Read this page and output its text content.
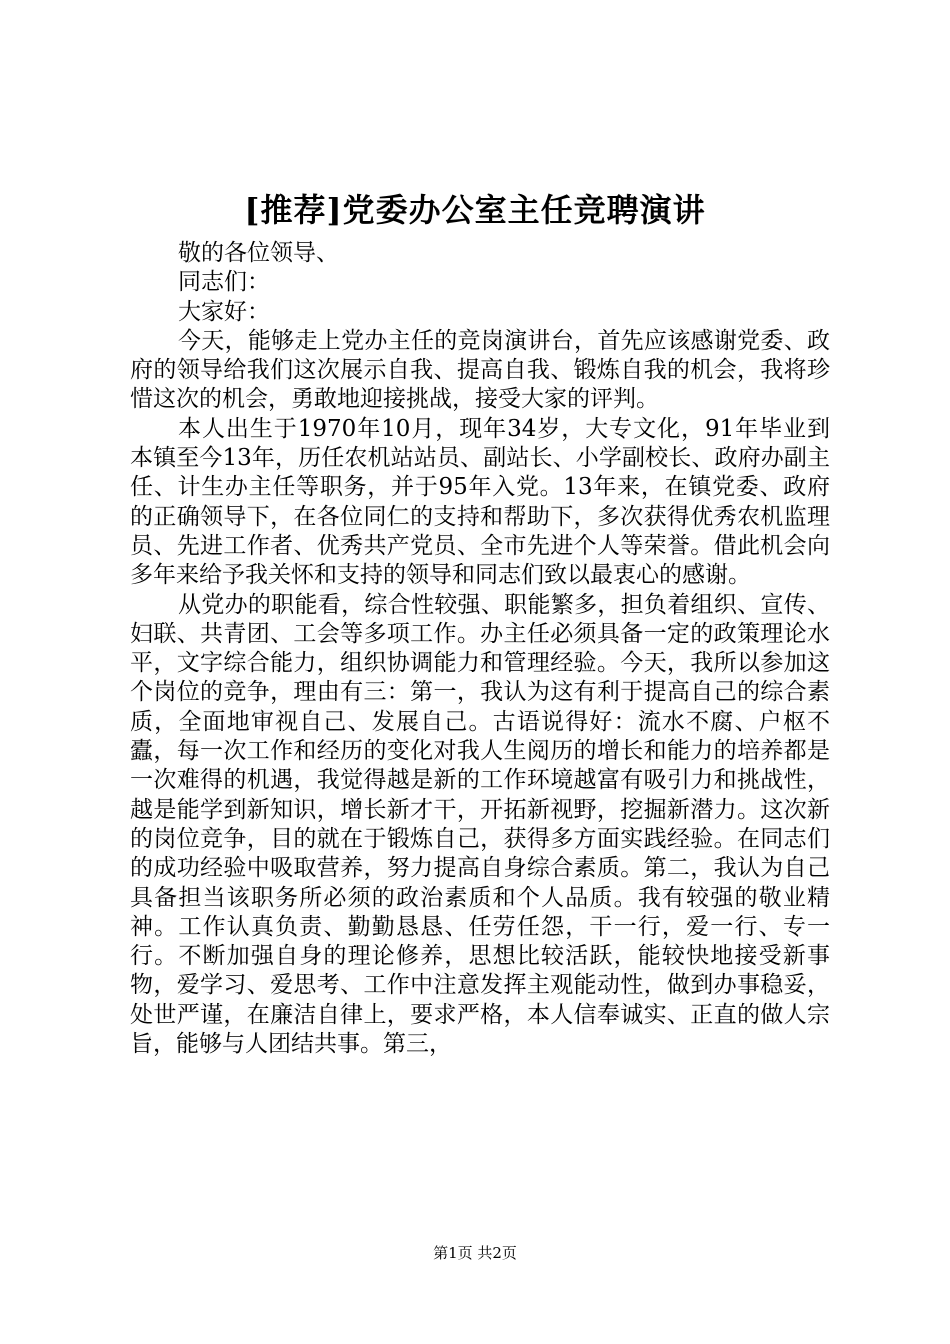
[推荐]党委办公室主任竞聘演讲

敬的各位领导、

同志们：

大家好：

今天，能够走上党办主任的竞岗演讲台，首先应该感谢党委、政府的领导给我们这次展示自我、提高自我、锻炼自我的机会，我将珍惜这次的机会，勇敢地迎接挑战，接受大家的评判。

本人出生于1970年10月，现年34岁，大专文化，91年毕业到本镇至今13年，历任农机站站员、副站长、小学副校长、政府办副主任、计生办主任等职务，并于95年入党。13年来，在镇党委、政府的正确领导下，在各位同仁的支持和帮助下，多次获得优秀农机监理员、先进工作者、优秀共产党员、全市先进个人等荣誉。借此机会向多年来给予我关怀和支持的领导和同志们致以最衷心的感谢。

从党办的职能看，综合性较强、职能繁多，担负着组织、宣传、妇联、共青团、工会等多项工作。办主任必须具备一定的政策理论水平，文字综合能力，组织协调能力和管理经验。今天，我所以参加这个岗位的竞争，理由有三：第一，我认为这有利于提高自己的综合素质，全面地审视自己、发展自己。古语说得好：流水不腐、户枢不蠹，每一次工作和经历的变化对我人生阅历的增长和能力的培养都是一次难得的机遇，我觉得越是新的工作环境越富有吸引力和挑战性，越是能学到新知识，增长新才干，开拓新视野，挖掘新潜力。这次新的岗位竞争，目的就在于锻炼自己，获得多方面实践经验。在同志们的成功经验中吸取营养，努力提高自身综合素质。第二，我认为自己具备担当该职务所必须的政治素质和个人品质。我有较强的敬业精神。工作认真负责、勤勤恳恳、任劳任怨，干一行，爱一行、专一行。不断加强自身的理论修养，思想比较活跃，能较快地接受新事物，爱学习、爱思考、工作中注意发挥主观能动性，做到办事稳妥，处世严谨，在廉洁自律上，要求严格，本人信奉诚实、正直的做人宗旨，能够与人团结共事。第三，

第1页 共2页
